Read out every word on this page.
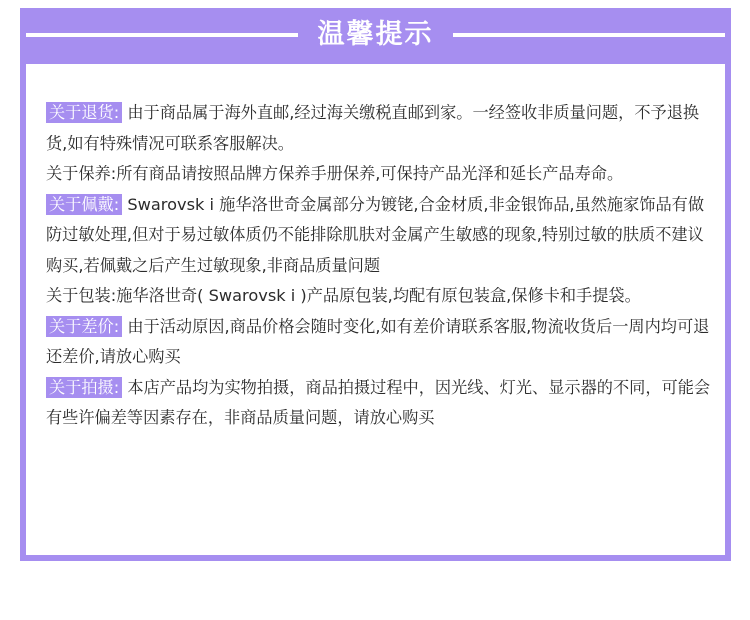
温馨提示

关于退货: 由于商品属于海外直邮,经过海关缴税直邮到家。一经签收非质量问题，不予退换货,如有特殊情况可联系客服解决。

关于保养:所有商品请按照品牌方保养手册保养,可保持产品光泽和延长产品寿命。

关于佩戴: Swarovsk i 施华洛世奇金属部分为镀铑,合金材质,非金银饰品,虽然施家饰品有做防过敏处理,但对于易过敏体质仍不能排除肌肤对金属产生敏感的现象,特别过敏的肤质不建议购买,若佩戴之后产生过敏现象,非商品质量问题

关于包装:施华洛世奇( Swarovsk i )产品原包装,均配有原包装盒,保修卡和手提袋。

关于差价: 由于活动原因,商品价格会随时变化,如有差价请联系客服,物流收货后一周内均可退还差价,请放心购买

关于拍摄: 本店产品均为实物拍摄，商品拍摄过程中，因光线、灯光、显示器的不同，可能会有些许偏差等因素存在，非商品质量问题，请放心购买
